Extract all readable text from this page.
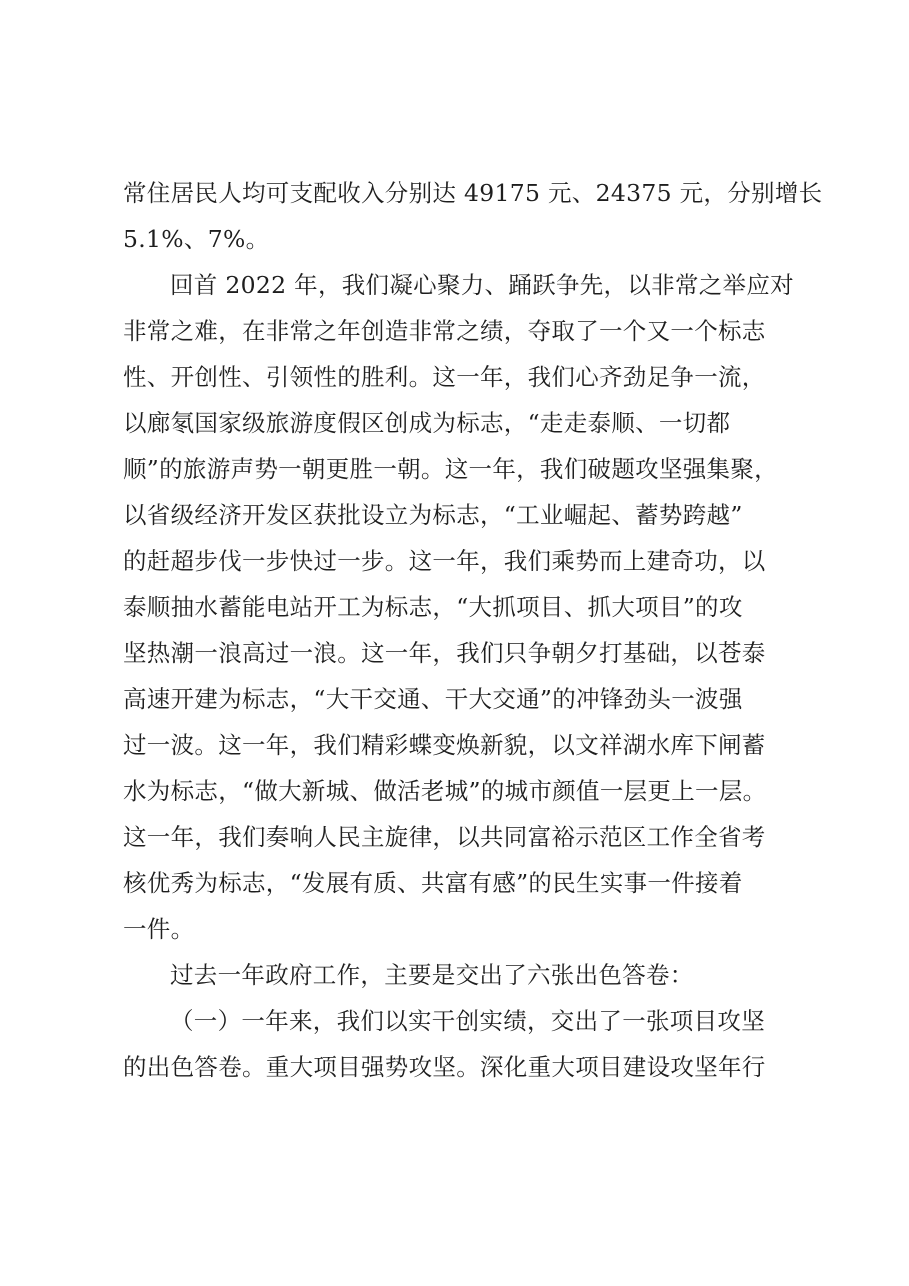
常住居民人均可支配收入分别达 49175 元、24375 元，分别增长
5.1%、7%。
回首 2022 年，我们凝心聚力、踊跃争先，以非常之举应对
非常之难，在非常之年创造非常之绩，夺取了一个又一个标志
性、开创性、引领性的胜利。这一年，我们心齐劲足争一流，
以廊氡国家级旅游度假区创成为标志，“走走泰顺、一切都
顺”的旅游声势一朝更胜一朝。这一年，我们破题攻坚强集聚，
以省级经济开发区获批设立为标志，“工业崛起、蓄势跨越”
的赶超步伐一步快过一步。这一年，我们乘势而上建奇功，以
泰顺抽水蓄能电站开工为标志，“大抓项目、抓大项目”的攻
坚热潮一浪高过一浪。这一年，我们只争朝夕打基础，以苍泰
高速开建为标志，“大干交通、干大交通”的冲锋劲头一波强
过一波。这一年，我们精彩蝶变焕新貌，以文祥湖水库下闸蓄
水为标志，“做大新城、做活老城”的城市颜值一层更上一层。
这一年，我们奏响人民主旋律，以共同富裕示范区工作全省考
核优秀为标志，“发展有质、共富有感”的民生实事一件接着
一件。
过去一年政府工作，主要是交出了六张出色答卷：
（一）一年来，我们以实干创实绩，交出了一张项目攻坚
的出色答卷。重大项目强势攻坚。深化重大项目建设攻坚年行
